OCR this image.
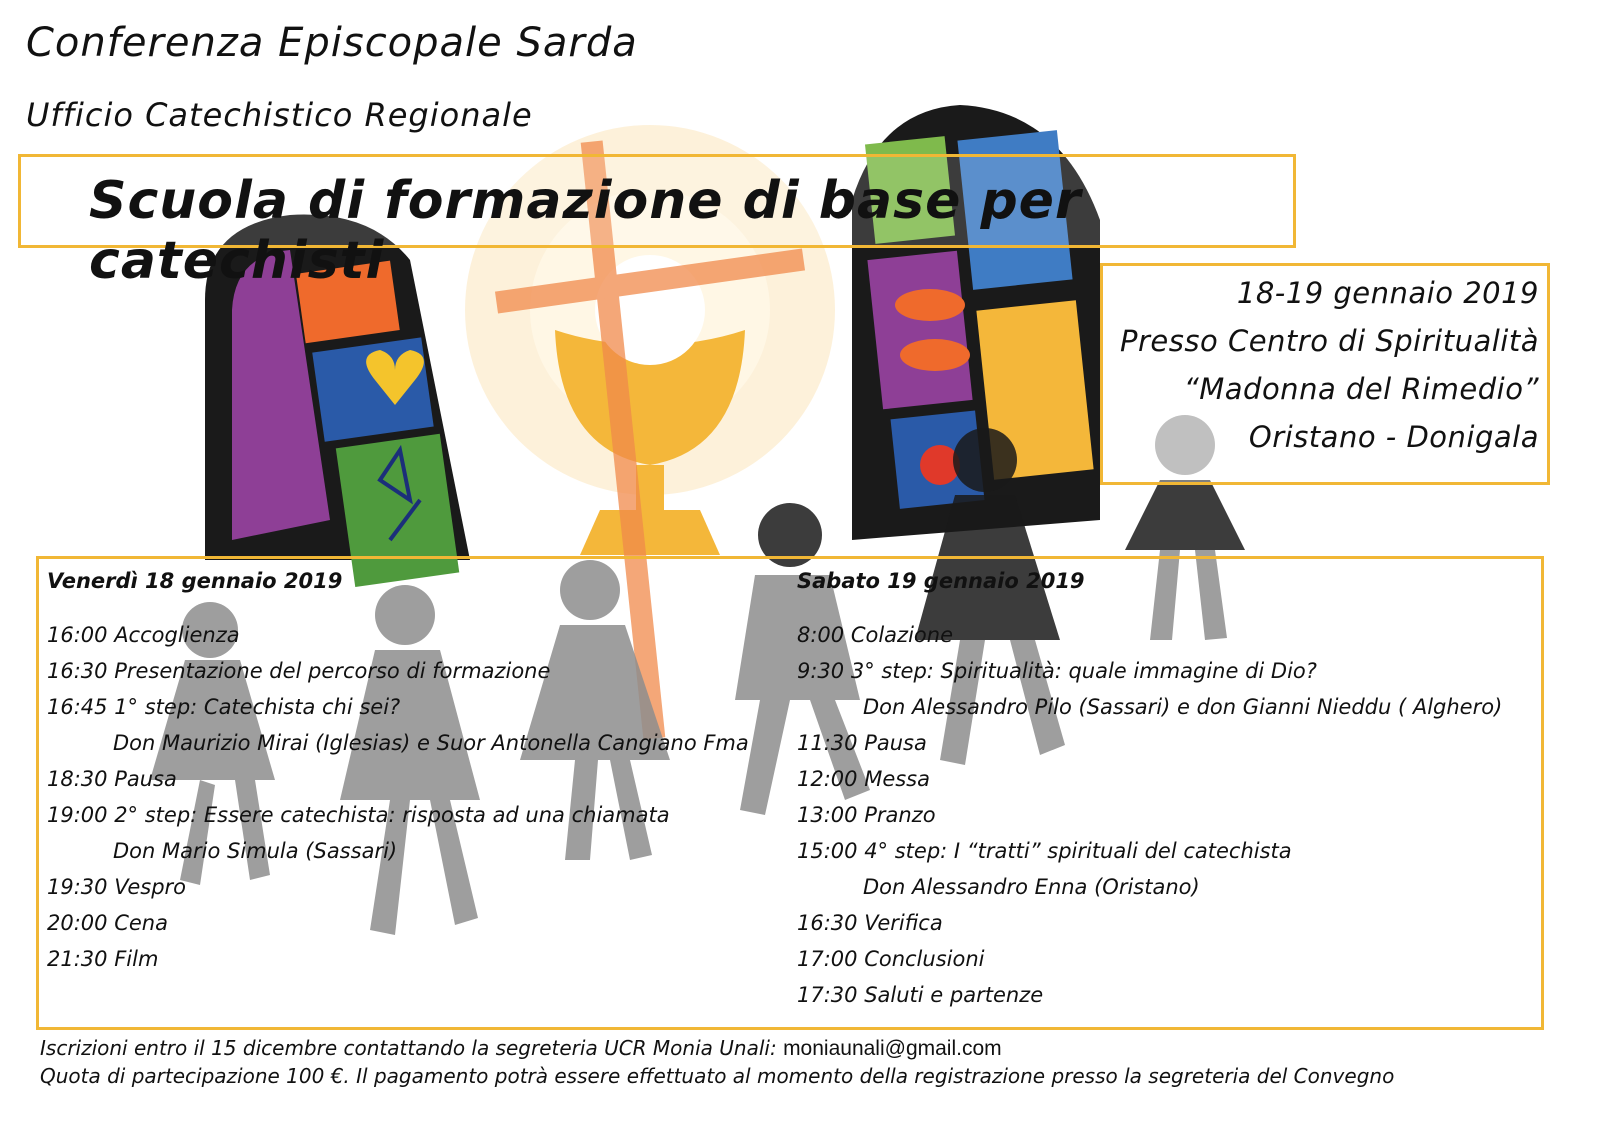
Conferenza Episcopale Sarda
Ufficio Catechistico Regionale
Scuola di formazione di base per catechisti
18-19 gennaio 2019
Presso Centro di Spiritualità
“Madonna del Rimedio”
Oristano - Donigala
Venerdì 18 gennaio 2019
16:00 Accoglienza
16:30 Presentazione del percorso di formazione
16:45 1° step: Catechista chi sei?
Don Maurizio Mirai (Iglesias) e Suor Antonella Cangiano Fma
18:30 Pausa
19:00 2° step: Essere catechista: risposta ad una chiamata
Don Mario Simula (Sassari)
19:30 Vespro
20:00 Cena
21:30 Film
Sabato 19 gennaio 2019
8:00 Colazione
9:30 3° step: Spiritualità: quale immagine di Dio?
Don Alessandro Pilo (Sassari) e don Gianni Nieddu ( Alghero)
11:30 Pausa
12:00 Messa
13:00 Pranzo
15:00 4° step: I “tratti” spirituali del catechista
Don Alessandro Enna (Oristano)
16:30 Verifica
17:00 Conclusioni
17:30 Saluti e partenze
Iscrizioni entro il 15 dicembre contattando la segreteria UCR Monia Unali: moniaunali@gmail.com
Quota di partecipazione 100 €. Il pagamento potrà essere effettuato al momento della registrazione presso la segreteria del Convegno
